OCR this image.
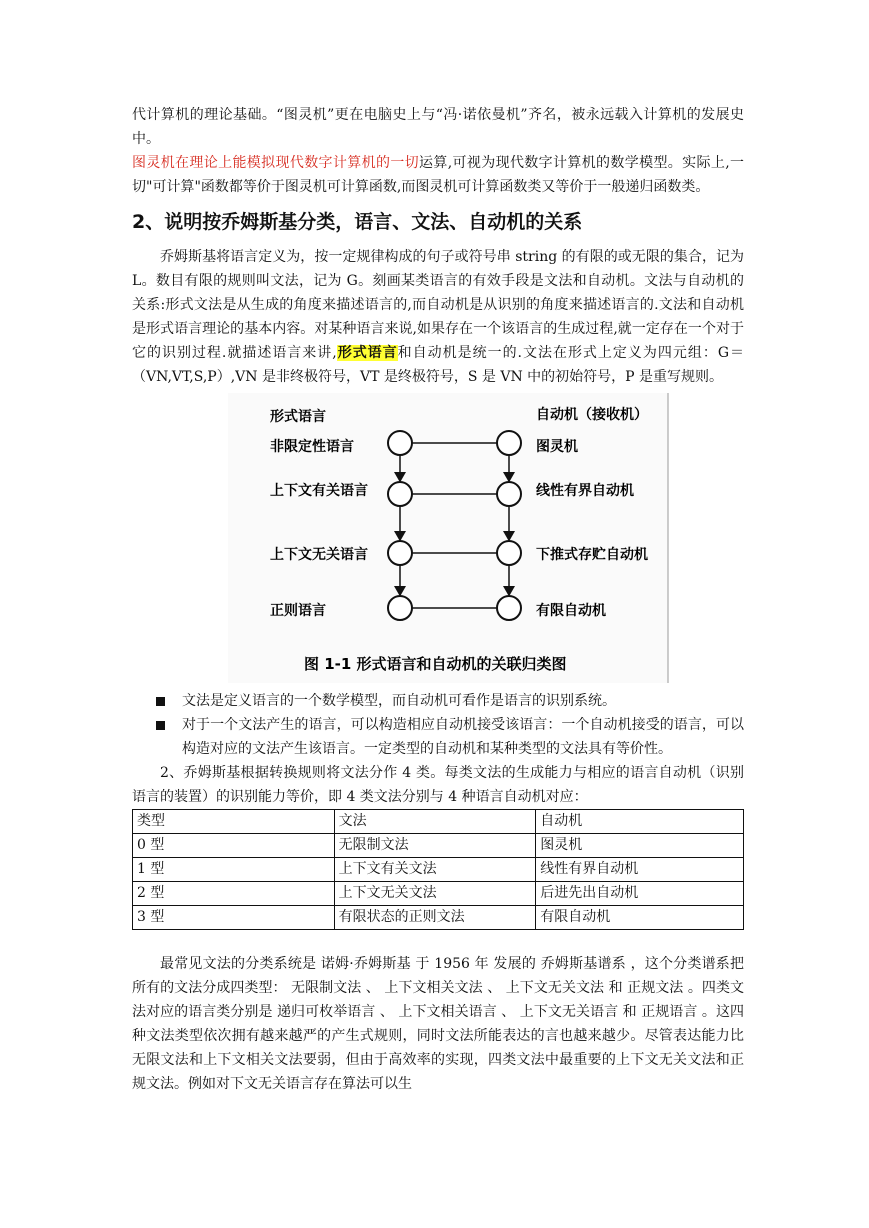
代计算机的理论基础。“图灵机”更在电脑史上与“冯·诺依曼机”齐名，被永远载入计算机的发展史中。

图灵机在理论上能模拟现代数字计算机的一切运算,可视为现代数字计算机的数学模型。实际上,一切"可计算"函数都等价于图灵机可计算函数,而图灵机可计算函数类又等价于一般递归函数类。

2、说明按乔姆斯基分类，语言、文法、自动机的关系

乔姆斯基将语言定义为，按一定规律构成的句子或符号串 string 的有限的或无限的集合，记为 L。数目有限的规则叫文法，记为 G。刻画某类语言的有效手段是文法和自动机。文法与自动机的关系:形式文法是从生成的角度来描述语言的,而自动机是从识别的角度来描述语言的.文法和自动机是形式语言理论的基本内容。对某种语言来说,如果存在一个该语言的生成过程,就一定存在一个对于它的识别过程.就描述语言来讲,形式语言和自动机是统一的.文法在形式上定义为四元组：G＝（VN,VT,S,P）,VN 是非终极符号，VT 是终极符号，S 是 VN 中的初始符号，P 是重写规则。

形式语言	自动机（接收机）
非限定性语言
上下文有关语言
上下文无关语言
正则语言
图灵机
线性有界自动机
下推式存贮自动机
有限自动机
图 1-1 形式语言和自动机的关联归类图
文法是定义语言的一个数学模型，而自动机可看作是语言的识别系统。
对于一个文法产生的语言，可以构造相应自动机接受该语言：一个自动机接受的语言，可以构造对应的文法产生该语言。一定类型的自动机和某种类型的文法具有等价性。

2、乔姆斯基根据转换规则将文法分作 4 类。每类文法的生成能力与相应的语言自动机（识别语言的装置）的识别能力等价，即 4 类文法分别与 4 种语言自动机对应：

类型	文法	自动机
0 型	无限制文法	图灵机
1 型	上下文有关文法	线性有界自动机
2 型	上下文无关文法	后进先出自动机
3 型	有限状态的正则文法	有限自动机

最常见文法的分类系统是 诺姆·乔姆斯基 于 1956 年 发展的 乔姆斯基谱系 ，这个分类谱系把所有的文法分成四类型： 无限制文法 、 上下文相关文法 、 上下文无关文法 和 正规文法 。四类文法对应的语言类分别是 递归可枚举语言 、 上下文相关语言 、 上下文无关语言 和 正规语言 。这四种文法类型依次拥有越来越严的产生式规则，同时文法所能表达的言也越来越少。尽管表达能力比无限文法和上下文相关文法要弱，但由于高效率的实现，四类文法中最重要的上下文无关文法和正规文法。例如对下文无关语言存在算法可以生
